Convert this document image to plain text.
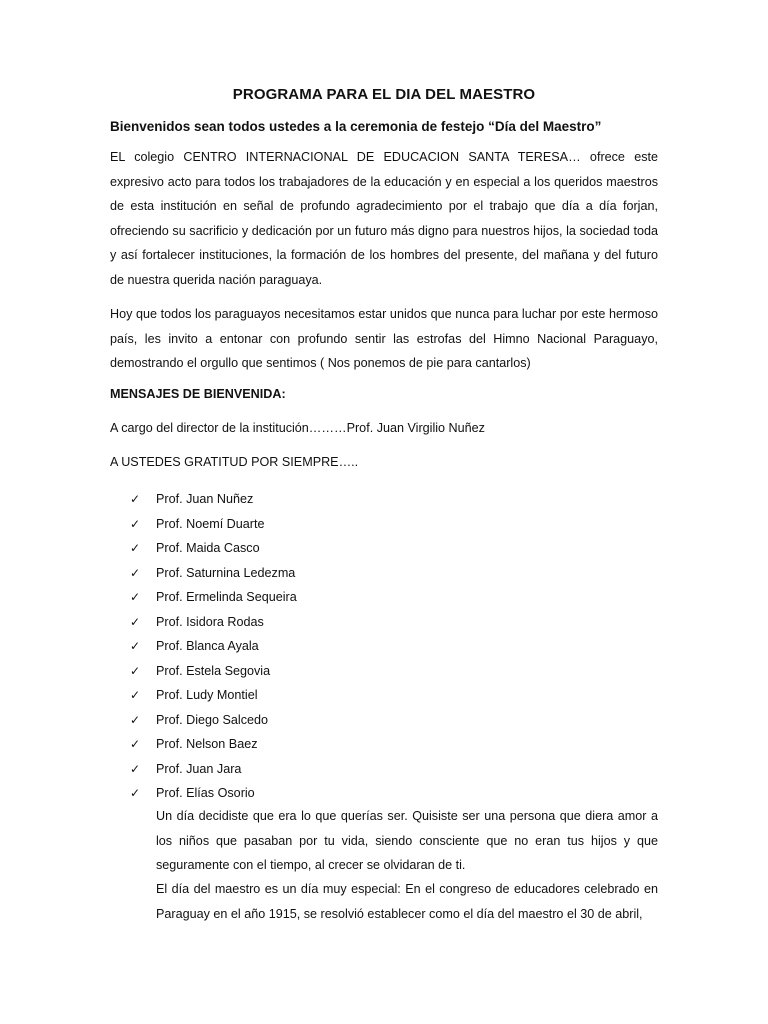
PROGRAMA PARA EL DIA DEL MAESTRO
Bienvenidos sean todos ustedes a la ceremonia de festejo “Día del Maestro”
EL colegio CENTRO INTERNACIONAL DE EDUCACION SANTA TERESA… ofrece este expresivo acto para todos los trabajadores de la educación y en especial a los queridos maestros de esta institución en señal de profundo agradecimiento por el trabajo que día a día forjan, ofreciendo su sacrificio y dedicación por un futuro más digno para nuestros hijos, la sociedad toda y así fortalecer instituciones, la formación de los hombres del presente, del mañana y del futuro de nuestra querida nación paraguaya.
Hoy que todos los paraguayos necesitamos estar unidos que nunca para luchar por este hermoso país, les invito a entonar con profundo sentir las estrofas del Himno Nacional Paraguayo, demostrando el orgullo que sentimos ( Nos ponemos de pie para cantarlos)
MENSAJES DE BIENVENIDA:
A cargo del director de la institución………Prof. Juan Virgilio Nuñez
A USTEDES GRATITUD POR SIEMPRE…..
✓	Prof. Juan Nuñez
✓	Prof. Noemí Duarte
✓	Prof. Maida Casco
✓	Prof. Saturnina Ledezma
✓	Prof. Ermelinda Sequeira
✓	Prof. Isidora Rodas
✓	Prof. Blanca Ayala
✓	Prof. Estela Segovia
✓	Prof. Ludy Montiel
✓	Prof. Diego Salcedo
✓	Prof. Nelson Baez
✓	Prof. Juan Jara
✓	Prof. Elías Osorio
Un día decidiste que era lo que querías ser. Quisiste ser una persona que diera amor a los niños que pasaban por tu vida, siendo consciente que no eran tus hijos y que seguramente con el tiempo, al crecer se olvidaran de ti.
El día del maestro es un día muy especial: En el congreso de educadores celebrado en Paraguay en el año 1915, se resolvió establecer como el día del maestro el 30 de abril,
